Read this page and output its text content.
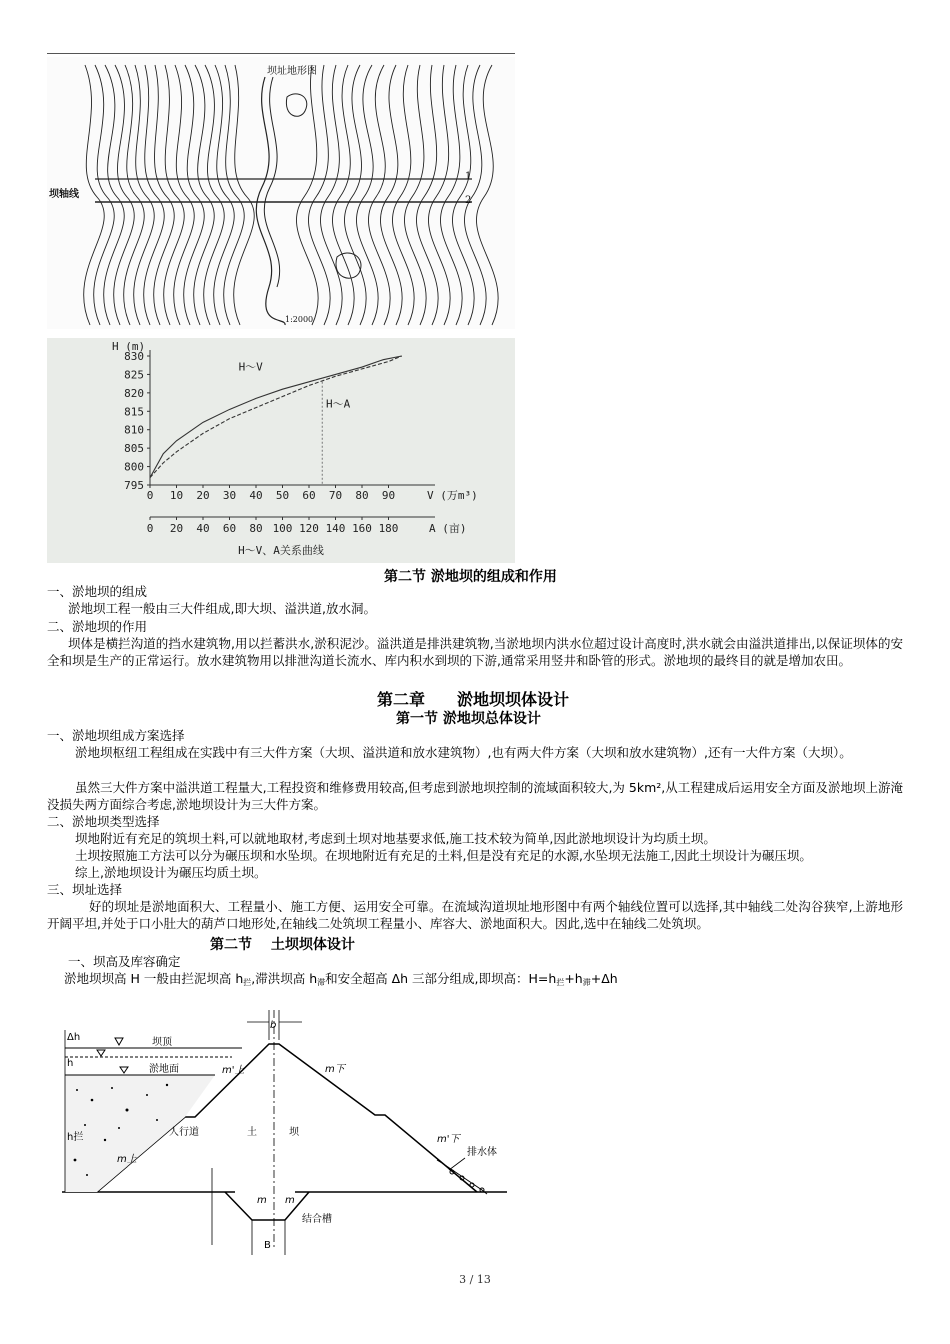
坝址地形图
坝轴线
1
2
1:2000
795
800
805
810
815
820
825
830
H (m)
0 10 20 30 40 50 60 70 80 90	V (万m³)
0 20 40 60 80 100 120 140 160 180	A (亩)
H～V
H～A
H～V、A关系曲线
第二节 淤地坝的组成和作用
一、淤地坝的组成
淤地坝工程一般由三大件组成,即大坝、溢洪道,放水洞。
二、淤地坝的作用
坝体是横拦沟道的挡水建筑物,用以拦蓄洪水,淤积泥沙。溢洪道是排洪建筑物,当淤地坝内洪水位超过设计高度时,洪水就会由溢洪道排出,以保证坝体的安全和坝是生产的正常运行。放水建筑物用以排泄沟道长流水、库内积水到坝的下游,通常采用竖井和卧管的形式。淤地坝的最终目的就是增加农田。
第二章　　淤地坝坝体设计
第一节 淤地坝总体设计
一、淤地坝组成方案选择
淤地坝枢纽工程组成在实践中有三大件方案（大坝、溢洪道和放水建筑物）,也有两大件方案（大坝和放水建筑物）,还有一大件方案（大坝）。
虽然三大件方案中溢洪道工程量大,工程投资和维修费用较高,但考虑到淤地坝控制的流域面积较大,为 5km²,从工程建成后运用安全方面及淤地坝上游淹没损失两方面综合考虑,淤地坝设计为三大件方案。
二、淤地坝类型选择
坝地附近有充足的筑坝土料,可以就地取材,考虑到土坝对地基要求低,施工技术较为简单,因此淤地坝设计为均质土坝。
土坝按照施工方法可以分为碾压坝和水坠坝。在坝地附近有充足的土料,但是没有充足的水源,水坠坝无法施工,因此土坝设计为碾压坝。
综上,淤地坝设计为碾压均质土坝。
三、坝址选择
好的坝址是淤地面积大、工程量小、施工方便、运用安全可靠。在流域沟道坝址地形图中有两个轴线位置可以选择,其中轴线二处沟谷狭窄,上游地形开阔平坦,并处于口小肚大的葫芦口地形处,在轴线二处筑坝工程量小、库容大、淤地面积大。因此,选中在轴线二处筑坝。
第二节　 土坝坝体设计
一、坝高及库容确定
淤地坝坝高 H 一般由拦泥坝高 $h_拦$,滞洪坝高 $h_滞$和安全超高 Δh 三部分组成,即坝高：$H=h_拦+h_滞+\Delta h$
坝顶
淤地面
人行道	土	坝
排水体
结合槽
b
B
Δh
h
h拦
m'上
m上
m下
m'下
m m
3 / 13
